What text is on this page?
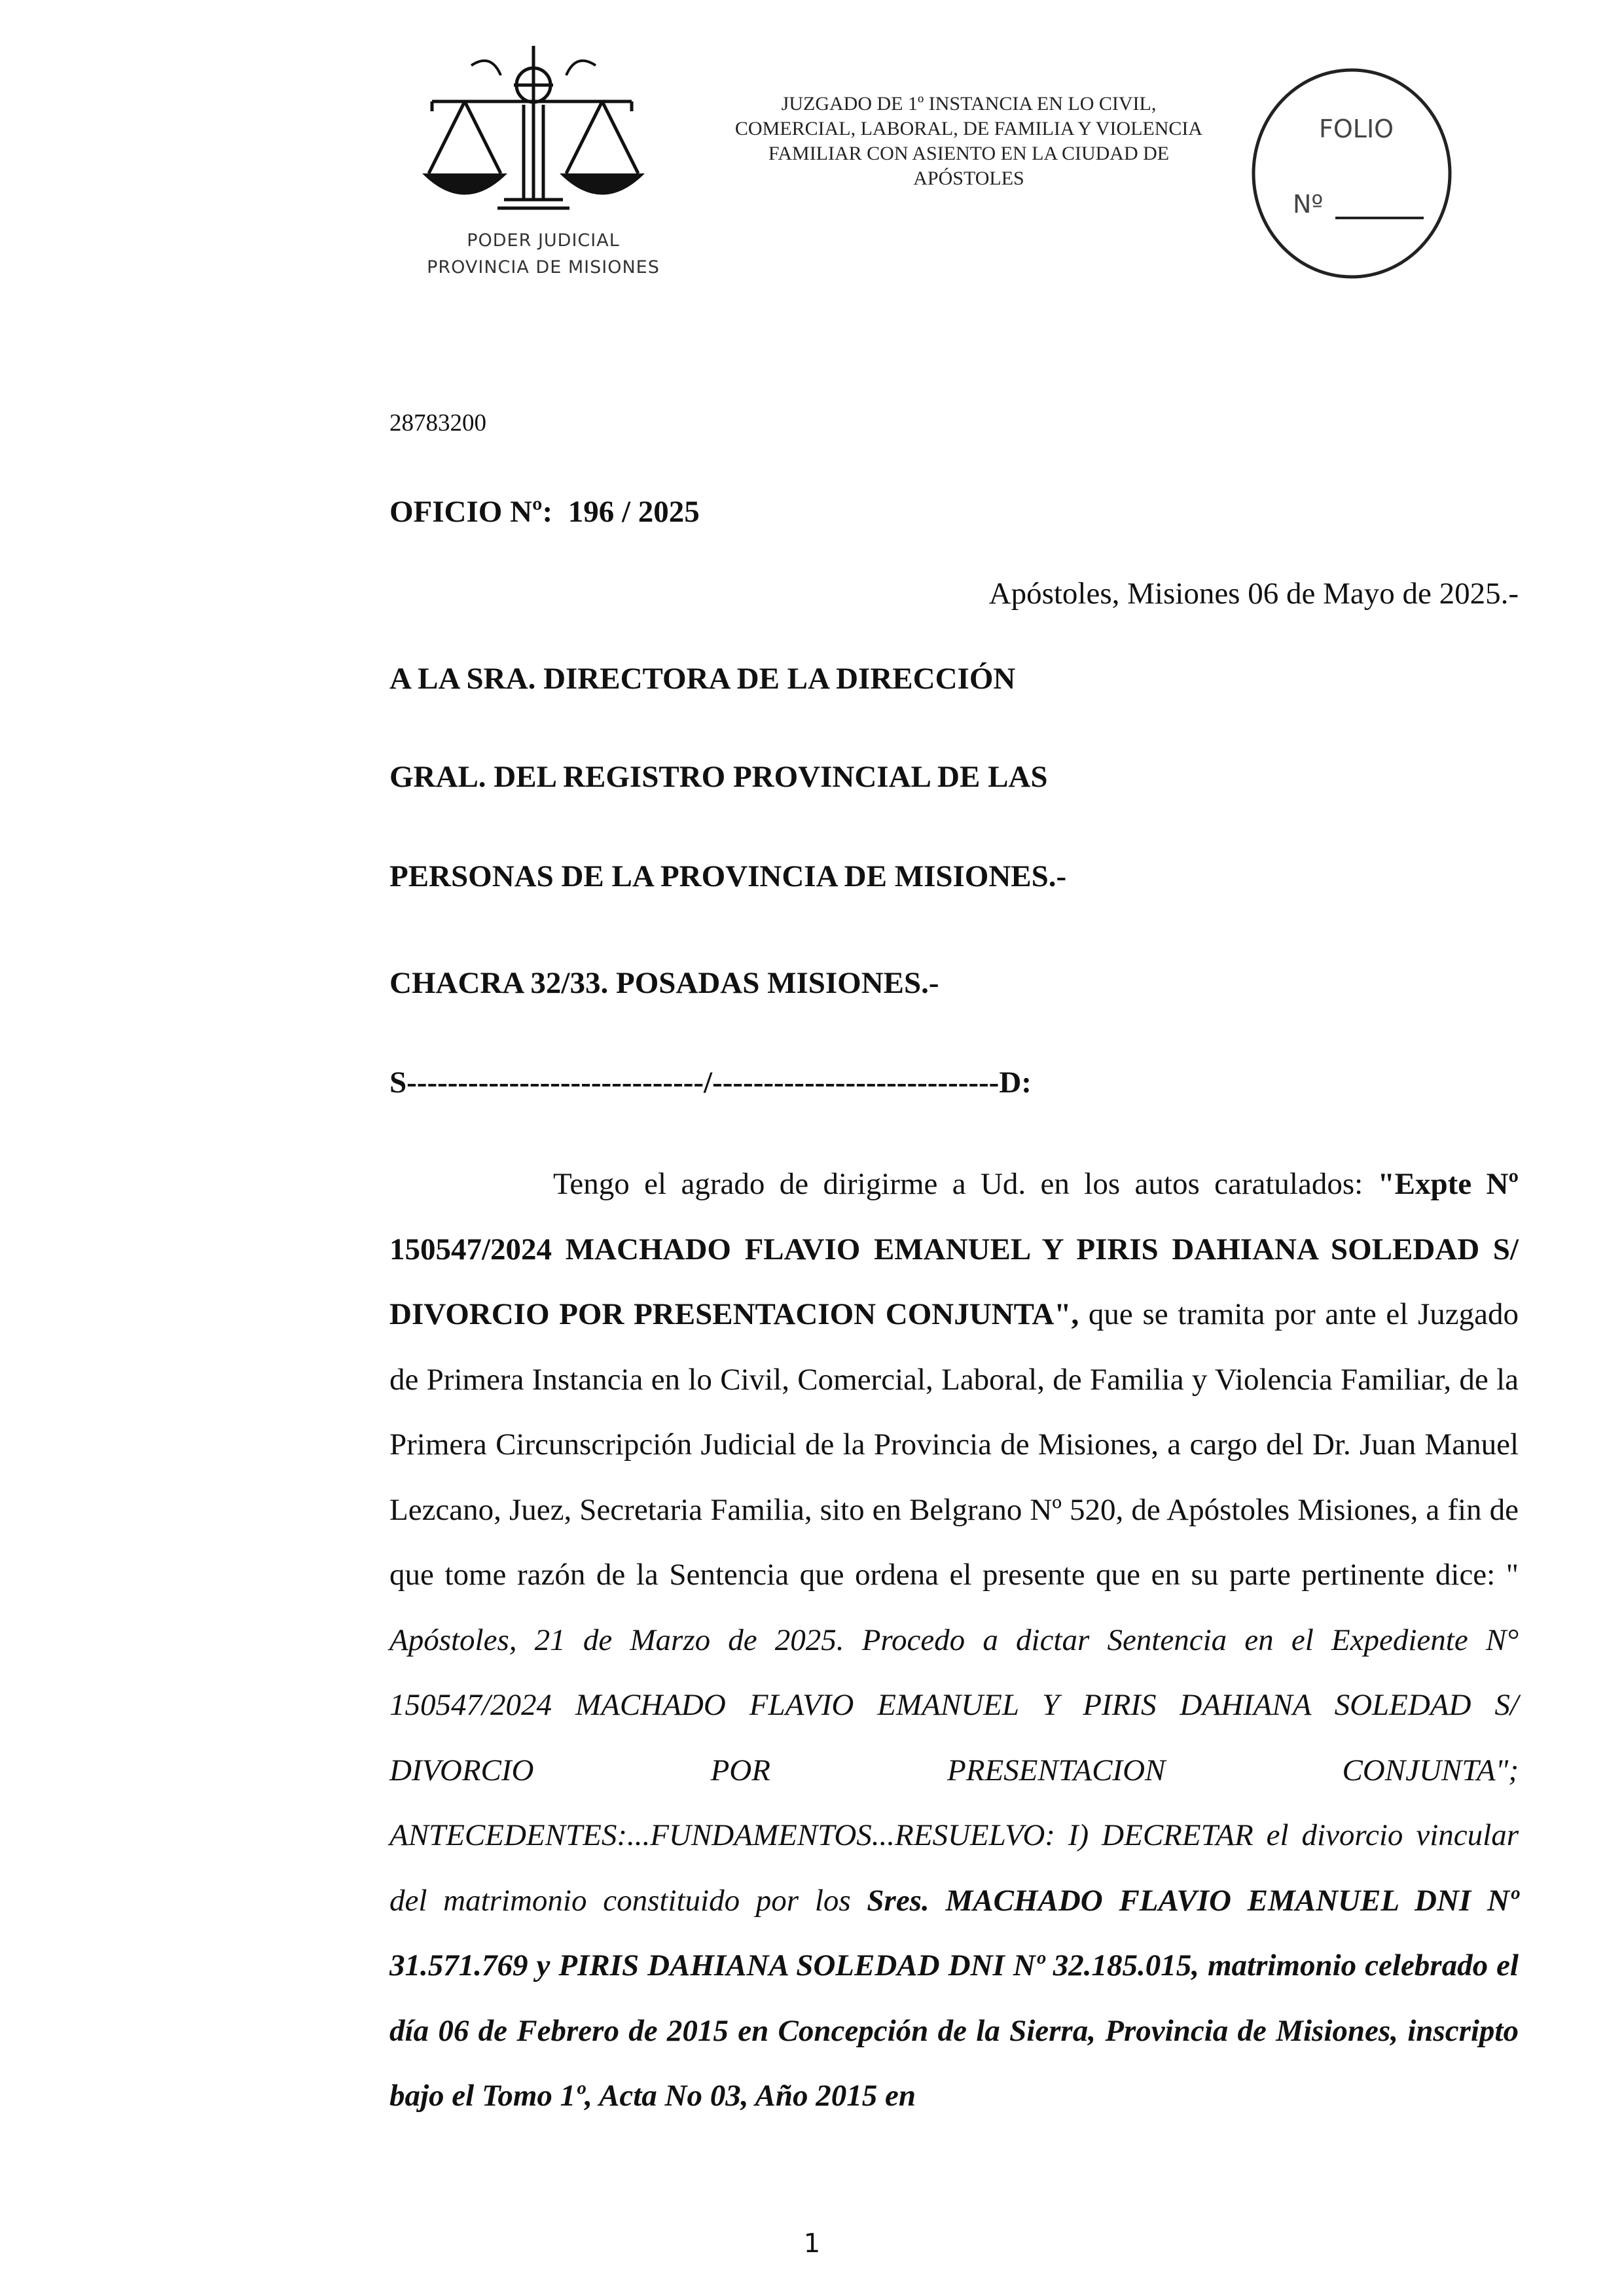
PODER JUDICIAL
PROVINCIA DE MISIONES
JUZGADO DE 1º INSTANCIA EN LO CIVIL,
COMERCIAL, LABORAL, DE FAMILIA Y VIOLENCIA
FAMILIAR CON ASIENTO EN LA CIUDAD DE
APÓSTOLES
FOLIO
Nº
28783200
OFICIO Nº:  196 / 2025
Apóstoles, Misiones 06 de Mayo de 2025.-
A LA SRA. DIRECTORA DE LA DIRECCIÓN
GRAL. DEL REGISTRO PROVINCIAL DE LAS
PERSONAS DE LA PROVINCIA DE MISIONES.-
CHACRA 32/33. POSADAS MISIONES.-
S-----------------------------/----------------------------D:
Tengo el agrado de dirigirme a Ud. en los autos caratulados: "Expte Nº 150547/2024 MACHADO FLAVIO EMANUEL Y PIRIS DAHIANA SOLEDAD S/ DIVORCIO POR PRESENTACION CONJUNTA", que se tramita por ante el Juzgado de Primera Instancia en lo Civil, Comercial, Laboral, de Familia y Violencia Familiar, de la Primera Circunscripción Judicial de la Provincia de Misiones, a cargo del Dr. Juan Manuel Lezcano, Juez, Secretaria Familia, sito en Belgrano Nº 520, de Apóstoles Misiones, a fin de que tome razón de la Sentencia que ordena el presente que en su parte pertinente dice: " Apóstoles, 21 de Marzo de 2025. Procedo a dictar Sentencia en el Expediente N° 150547/2024 MACHADO FLAVIO EMANUEL Y PIRIS DAHIANA SOLEDAD S/ DIVORCIO POR PRESENTACION CONJUNTA"; ANTECEDENTES:...FUNDAMENTOS...RESUELVO: I) DECRETAR el divorcio vincular del matrimonio constituido por los Sres. MACHADO FLAVIO EMANUEL DNI Nº 31.571.769 y PIRIS DAHIANA SOLEDAD DNI Nº 32.185.015, matrimonio celebrado el día 06 de Febrero de 2015 en Concepción de la Sierra, Provincia de Misiones, inscripto bajo el Tomo 1º, Acta No 03, Año 2015 en
1
